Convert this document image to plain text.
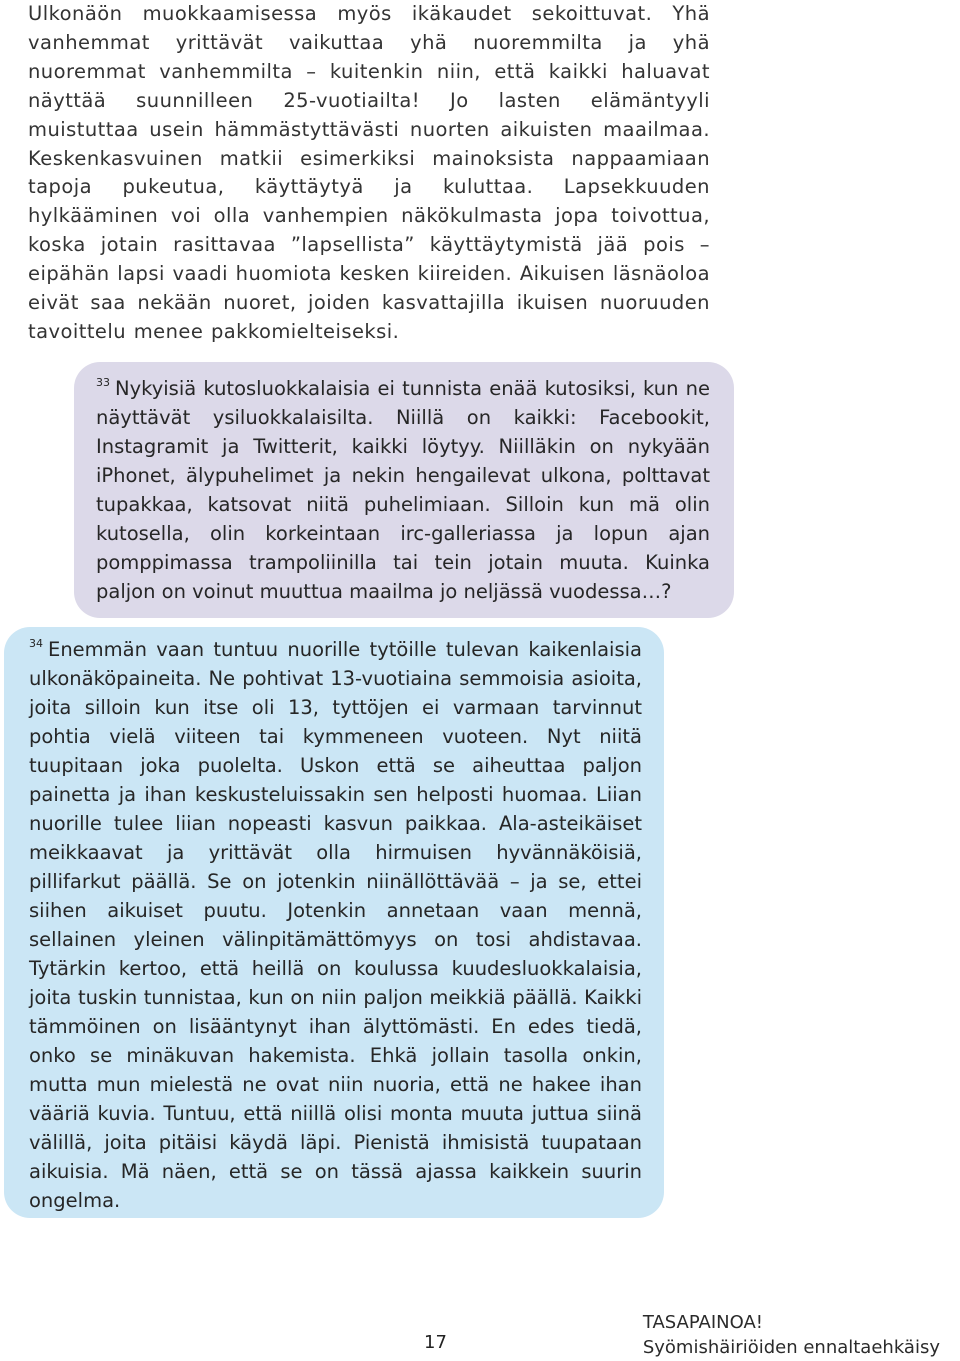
Ulkonäön muokkaamisessa myös ikäkaudet sekoittuvat. Yhä vanhemmat yrittävät vaikuttaa yhä nuoremmilta ja yhä nuoremmat vanhemmilta – kuitenkin niin, että kaikki haluavat näyttää suunnilleen 25-vuotiailta! Jo lasten elämäntyyli muistuttaa usein hämmästyttävästi nuorten aikuisten maailmaa. Keskenkasvuinen matkii esimerkiksi mainoksista nappaamiaan tapoja pukeutua, käyttäytyä ja kuluttaa. Lapsekkuuden hylkääminen voi olla vanhempien näkökulmasta jopa toivottua, koska jotain rasittavaa ”lapsellista” käyttäytymistä jää pois – eipähän lapsi vaadi huomiota kesken kiireiden. Aikuisen läsnäoloa eivät saa nekään nuoret, joiden kasvattajilla ikuisen nuoruuden tavoittelu menee pakkomielteiseksi.

$^{33}$ Nykyisiä kutosluokkalaisia ei tunnista enää kutosiksi, kun ne näyttävät ysiluokkalaisilta. Niillä on kaikki: Facebookit, Instagramit ja Twitterit, kaikki löytyy. Niilläkin on nykyään iPhonet, älypuhelimet ja nekin hengailevat ulkona, polttavat tupakkaa, katsovat niitä puhelimiaan. Silloin kun mä olin kutosella, olin korkeintaan irc-galleriassa ja lopun ajan pomppimassa trampoliinilla tai tein jotain muuta. Kuinka paljon on voinut muuttua maailma jo neljässä vuodessa…?
$^{34}$ Enemmän vaan tuntuu nuorille tytöille tulevan kaikenlaisia ulkonäköpaineita. Ne pohtivat 13-vuotiaina semmoisia asioita, joita silloin kun itse oli 13, tyttöjen ei varmaan tarvinnut pohtia vielä viiteen tai kymmeneen vuoteen. Nyt niitä tuupitaan joka puolelta. Uskon että se aiheuttaa paljon painetta ja ihan keskusteluissakin sen helposti huomaa. Liian nuorille tulee liian nopeasti kasvun paikkaa. Ala-asteikäiset meikkaavat ja yrittävät olla hirmuisen hyvännäköisiä, pillifarkut päällä. Se on jotenkin niinällöttävää – ja se, ettei siihen aikuiset puutu. Jotenkin annetaan vaan mennä, sellainen yleinen välinpitämättömyys on tosi ahdistavaa. Tytärkin kertoo, että heillä on koulussa kuudesluokkalaisia, joita tuskin tunnistaa, kun on niin paljon meikkiä päällä. Kaikki tämmöinen on lisääntynyt ihan älyttömästi. En edes tiedä, onko se minäkuvan hakemista. Ehkä jollain tasolla onkin, mutta mun mielestä ne ovat niin nuoria, että ne hakee ihan vääriä kuvia. Tuntuu, että niillä olisi monta muuta juttua siinä välillä, joita pitäisi käydä läpi. Pienistä ihmisistä tuupataan aikuisia. Mä näen, että se on tässä ajassa kaikkein suurin ongelma.
17
TASAPAINOA!
Syömishäiriöiden ennaltaehkäisy
